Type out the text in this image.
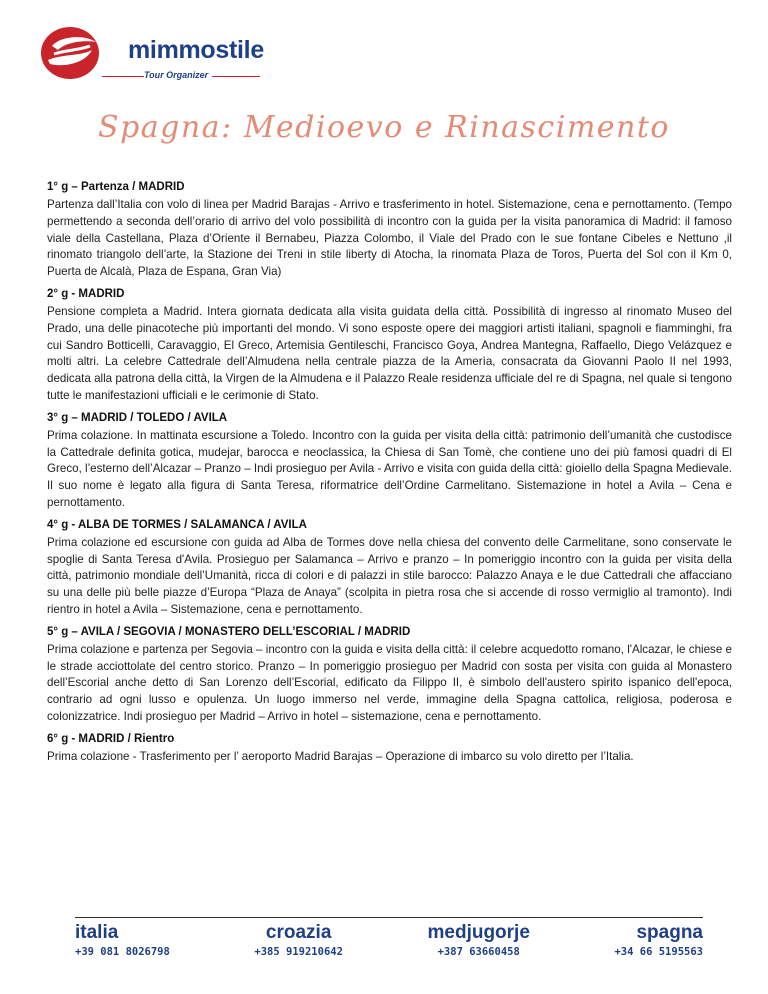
mimmostile
Tour Organizer
Spagna: Medioevo e Rinascimento
1° g – Partenza / MADRID

Partenza dall’Italia con volo di linea per Madrid Barajas - Arrivo e trasferimento in hotel. Sistemazione, cena e pernottamento. (Tempo permettendo a seconda dell’orario di arrivo del volo possibilità di incontro con la guida per la visita panoramica di Madrid: il famoso viale della Castellana, Plaza d’Oriente il Bernabeu, Piazza Colombo, il Viale del Prado con le sue fontane Cibeles e Nettuno ,il rinomato triangolo dell’arte, la Stazione dei Treni in stile liberty di Atocha, la rinomata Plaza de Toros, Puerta del Sol con il Km 0, Puerta de Alcalà, Plaza de Espana, Gran Via)

2° g - MADRID

Pensione completa a Madrid. Intera giornata dedicata alla visita guidata della città. Possibilità di ingresso al rinomato Museo del Prado, una delle pinacoteche più importanti del mondo. Vi sono esposte opere dei maggiori artisti italiani, spagnoli e fiamminghi, fra cui Sandro Botticelli, Caravaggio, El Greco, Artemisia Gentileschi, Francisco Goya, Andrea Mantegna, Raffaello, Diego Velázquez e molti altri. La celebre Cattedrale dell’Almudena nella centrale piazza de la Amerìa, consacrata da Giovanni Paolo II nel 1993, dedicata alla patrona della città, la Virgen de la Almudena e il Palazzo Reale residenza ufficiale del re di Spagna, nel quale si tengono tutte le manifestazioni ufficiali e le cerimonie di Stato.

3° g – MADRID / TOLEDO / AVILA

Prima colazione. In mattinata escursione a Toledo. Incontro con la guida per visita della città: patrimonio dell’umanità che custodisce la Cattedrale definita gotica, mudejar, barocca e neoclassica, la Chiesa di San Tomè, che contiene uno dei più famosi quadri di El Greco, l’esterno dell’Alcazar – Pranzo – Indi prosieguo per Avila - Arrivo e visita con guida della città: gioiello della Spagna Medievale. Il suo nome è legato alla figura di Santa Teresa, riformatrice dell’Ordine Carmelitano. Sistemazione in hotel a Avila – Cena e pernottamento.

4° g - ALBA DE TORMES / SALAMANCA / AVILA

Prima colazione ed escursione con guida ad Alba de Tormes dove nella chiesa del convento delle Carmelitane, sono conservate le spoglie di Santa Teresa d'Avila. Prosieguo per Salamanca – Arrivo e pranzo – In pomeriggio incontro con la guida per visita della città, patrimonio mondiale dell’Umanità, ricca di colori e di palazzi in stile barocco: Palazzo Anaya e le due Cattedrali che affacciano su una delle più belle piazze d’Europa “Plaza de Anaya” (scolpita in pietra rosa che si accende di rosso vermiglio al tramonto). Indi rientro in hotel a Avila – Sistemazione, cena e pernottamento.

5° g – AVILA / SEGOVIA / MONASTERO DELL’ESCORIAL / MADRID

Prima colazione e partenza per Segovia – incontro con la guida e visita della città: il celebre acquedotto romano, l'Alcazar, le chiese e le strade acciottolate del centro storico. Pranzo – In pomeriggio prosieguo per Madrid con sosta per visita con guida al Monastero dell’Escorial anche detto di San Lorenzo dell’Escorial, edificato da Filippo II, è simbolo dell'austero spirito ispanico dell'epoca, contrario ad ogni lusso e opulenza. Un luogo immerso nel verde, immagine della Spagna cattolica, religiosa, poderosa e colonizzatrice. Indi prosieguo per Madrid – Arrivo in hotel – sistemazione, cena e pernottamento.

6° g - MADRID / Rientro

Prima colazione - Trasferimento per l’ aeroporto Madrid Barajas – Operazione di imbarco su volo diretto per l’Italia.

italia
+39 081 8026798
croazia
+385 919210642
medjugorje
+387 63660458
spagna
+34 66 5195563
